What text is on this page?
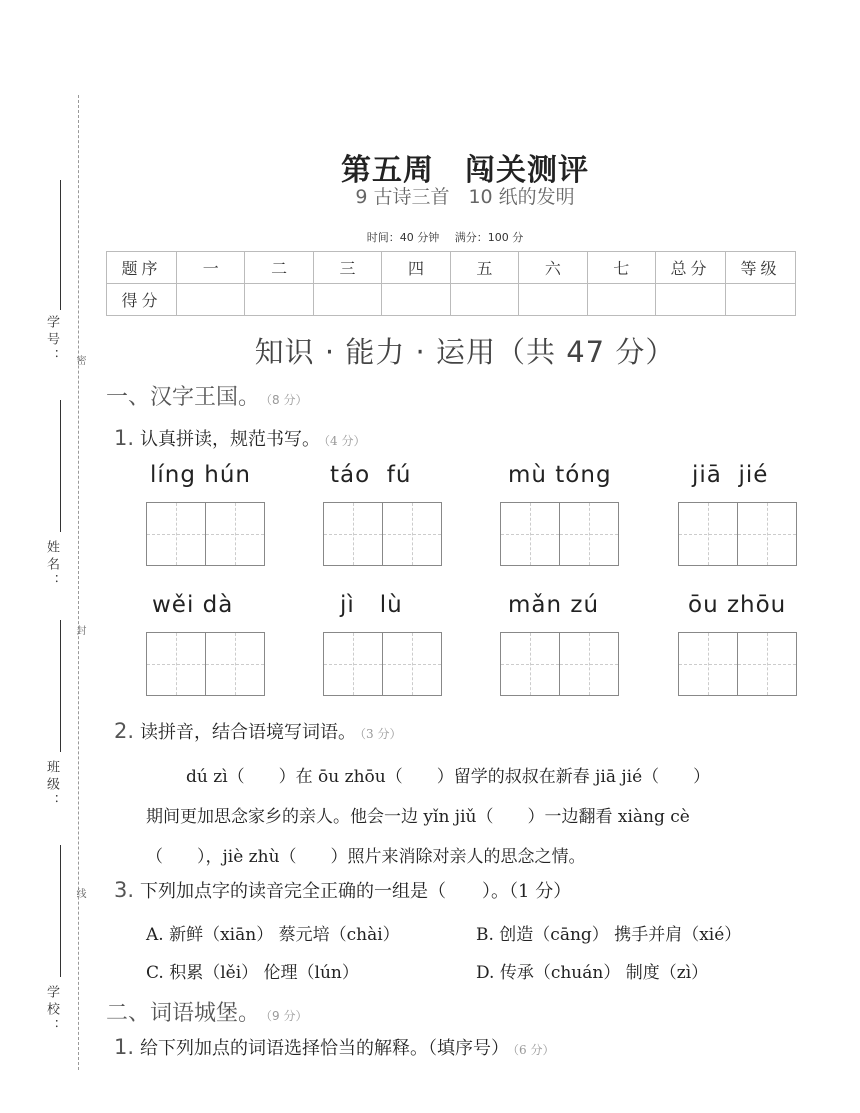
学号：
姓名：
班级：
学校：
密
封
线
第五周　闯关测评
9 古诗三首　10 纸的发明
时间：40 分钟 满分：100 分
题序	一	二	三	四	五	六	七	总分	等级
得分									
知识 · 能力 · 运用（共 47 分）
一、汉字王国。 （8 分）
1. 认真拼读，规范书写。 （4 分）
líng hún	táo  fú	mù tóng	jiā  jié
wěi dà	jì   lù	mǎn zú	ōu zhōu
2. 读拼音，结合语境写词语。 （3 分）
dú zì（　　）在 ōu zhōu（　　）留学的叔叔在新春 jiā jié（　　）
期间更加思念家乡的亲人。他会一边 yǐn jiǔ（　　）一边翻看 xiàng cè
（　　），jiè zhù（　　）照片来消除对亲人的思念之情。
3. 下列加点字的读音完全正确的一组是（　　）。（1 分）
A. 新鲜（xiān） 蔡元培（chài）	B. 创造（cāng） 携手并肩（xié）
C. 积累（lěi） 伦理（lún）	D. 传承（chuán） 制度（zì）
二、词语城堡。 （9 分）
1. 给下列加点的词语选择恰当的解释。（填序号） （6 分）
